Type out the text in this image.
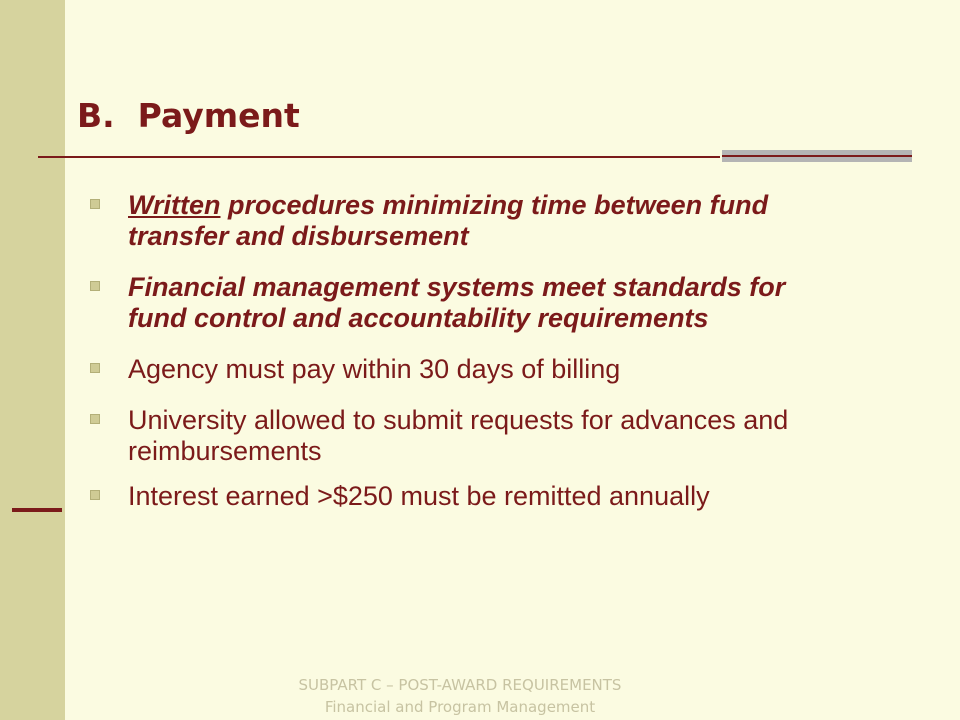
B.  Payment
Written procedures minimizing time between fund transfer and disbursement
Financial management systems meet standards for fund control and accountability requirements
Agency must pay within 30 days of billing
University allowed to submit requests for advances and reimbursements
Interest earned >$250 must be remitted annually
SUBPART C – POST-AWARD REQUIREMENTS
Financial and Program Management
